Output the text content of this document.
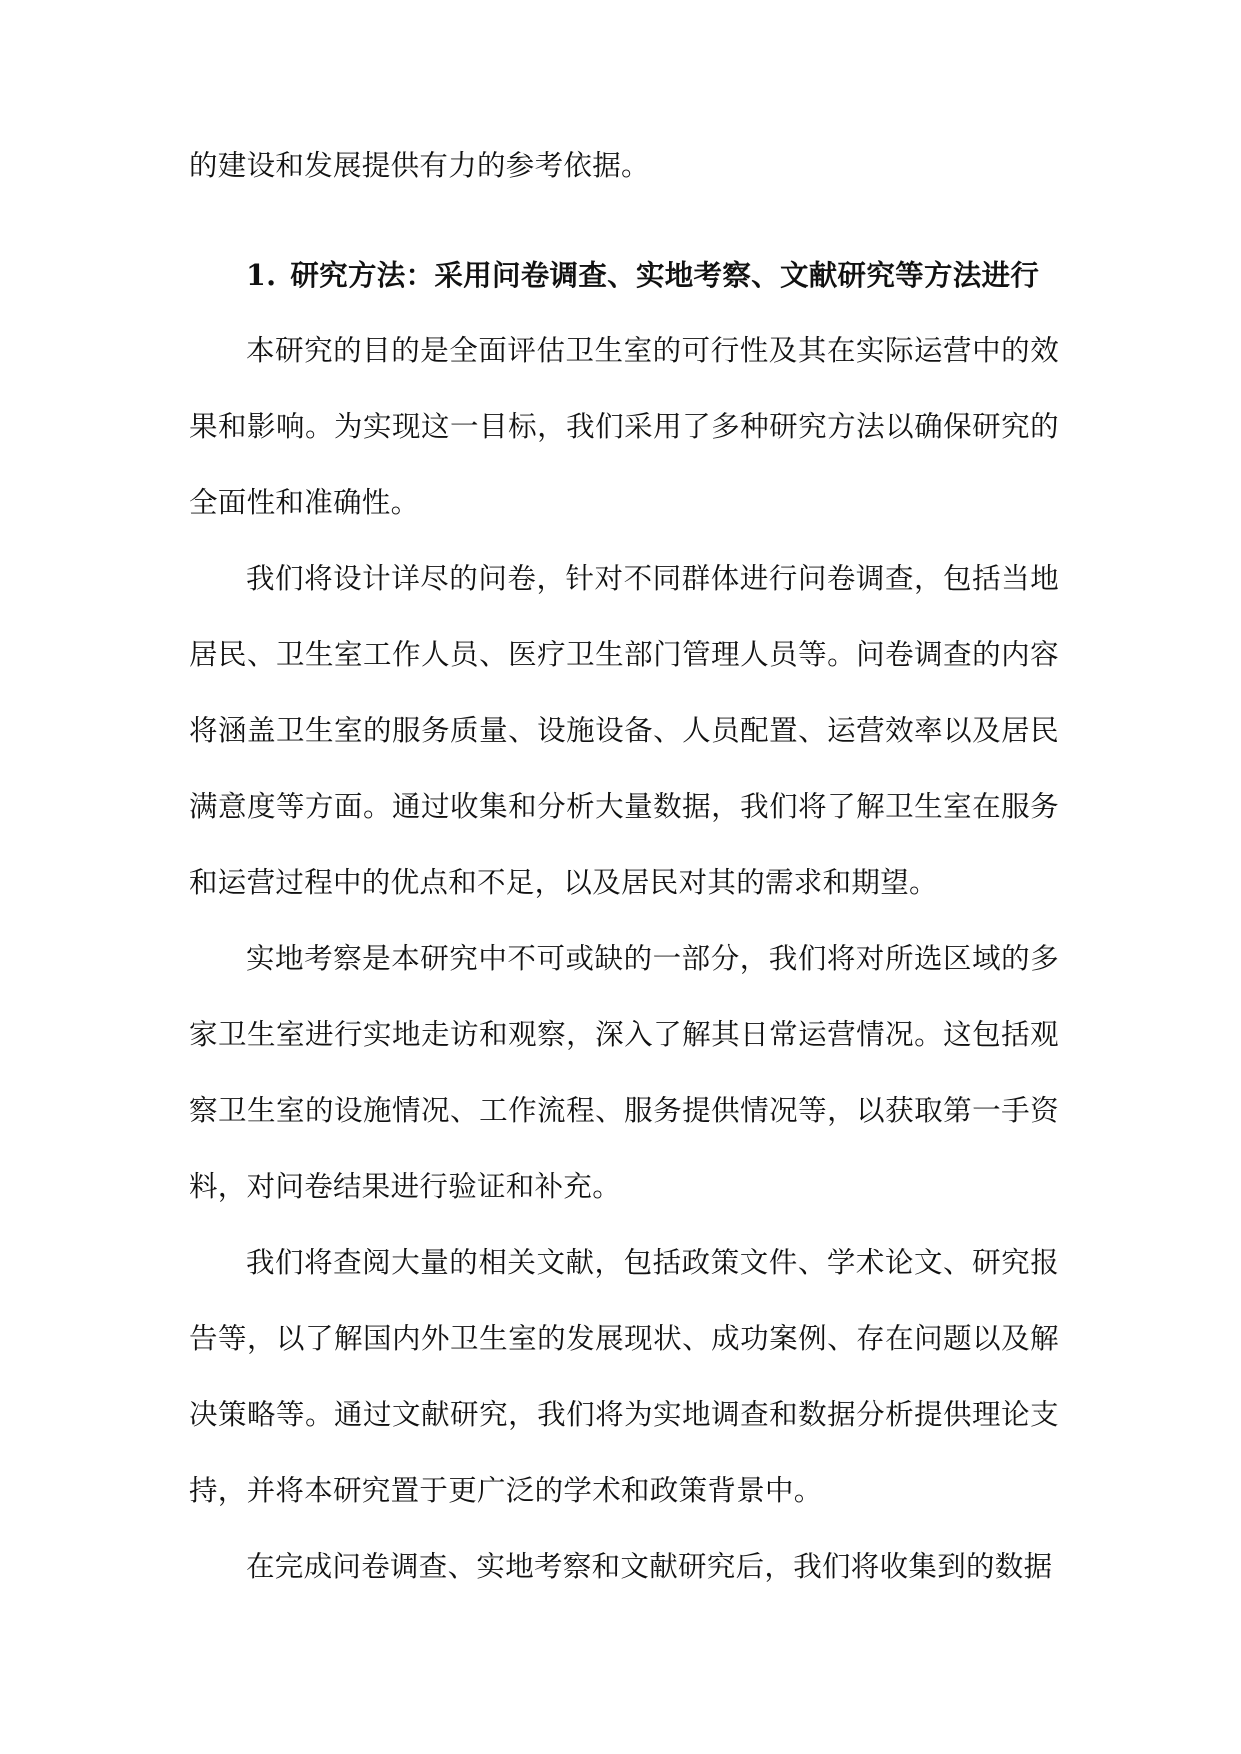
的建设和发展提供有力的参考依据。

1. 研究方法：采用问卷调查、实地考察、文献研究等方法进行

本研究的目的是全面评估卫生室的可行性及其在实际运营中的效果和影响。为实现这一目标，我们采用了多种研究方法以确保研究的全面性和准确性。

我们将设计详尽的问卷，针对不同群体进行问卷调查，包括当地居民、卫生室工作人员、医疗卫生部门管理人员等。问卷调查的内容将涵盖卫生室的服务质量、设施设备、人员配置、运营效率以及居民满意度等方面。通过收集和分析大量数据，我们将了解卫生室在服务和运营过程中的优点和不足，以及居民对其的需求和期望。

实地考察是本研究中不可或缺的一部分，我们将对所选区域的多家卫生室进行实地走访和观察，深入了解其日常运营情况。这包括观察卫生室的设施情况、工作流程、服务提供情况等，以获取第一手资料，对问卷结果进行验证和补充。

我们将查阅大量的相关文献，包括政策文件、学术论文、研究报告等，以了解国内外卫生室的发展现状、成功案例、存在问题以及解决策略等。通过文献研究，我们将为实地调查和数据分析提供理论支持，并将本研究置于更广泛的学术和政策背景中。

在完成问卷调查、实地考察和文献研究后，我们将收集到的数据
